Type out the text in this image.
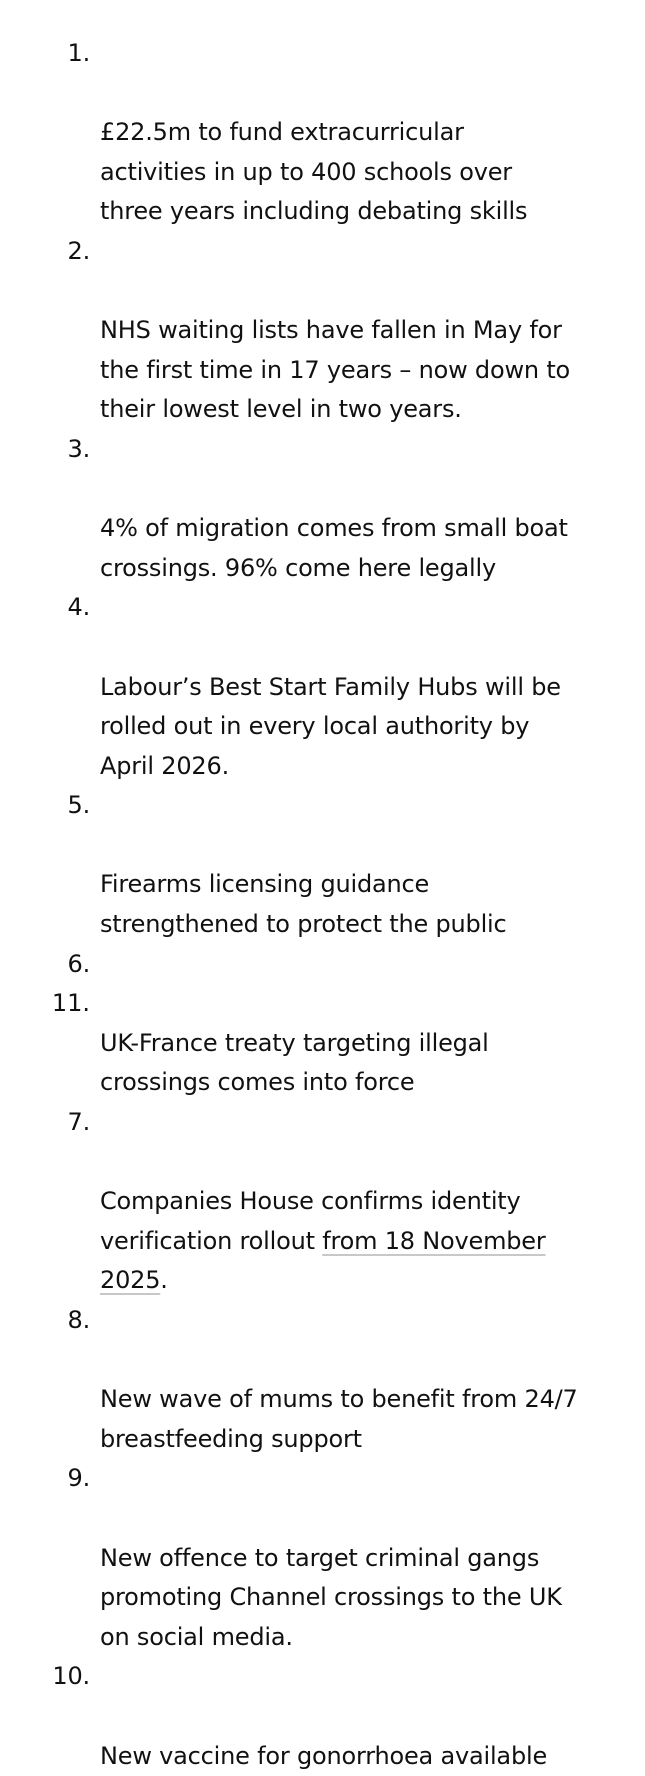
1.

£22.5m to fund extracurricular
activities in up to 400 schools over
three years including debating skills

2.

NHS waiting lists have fallen in May for
the first time in 17 years – now down to
their lowest level in two years.

3.

4% of migration comes from small boat
crossings. 96% come here legally

4.

Labour’s Best Start Family Hubs will be
rolled out in every local authority by
April 2026.

5.

Firearms licensing guidance
strengthened to protect the public

6.

UK-France treaty targeting illegal
crossings comes into force

7.

Companies House confirms identity
verification rollout from 18 November
2025.

8.

New wave of mums to benefit from 24/7
breastfeeding support

9.

New offence to target criminal gangs
promoting Channel crossings to the UK
on social media.

10.

New vaccine for gonorrhoea available

11.
